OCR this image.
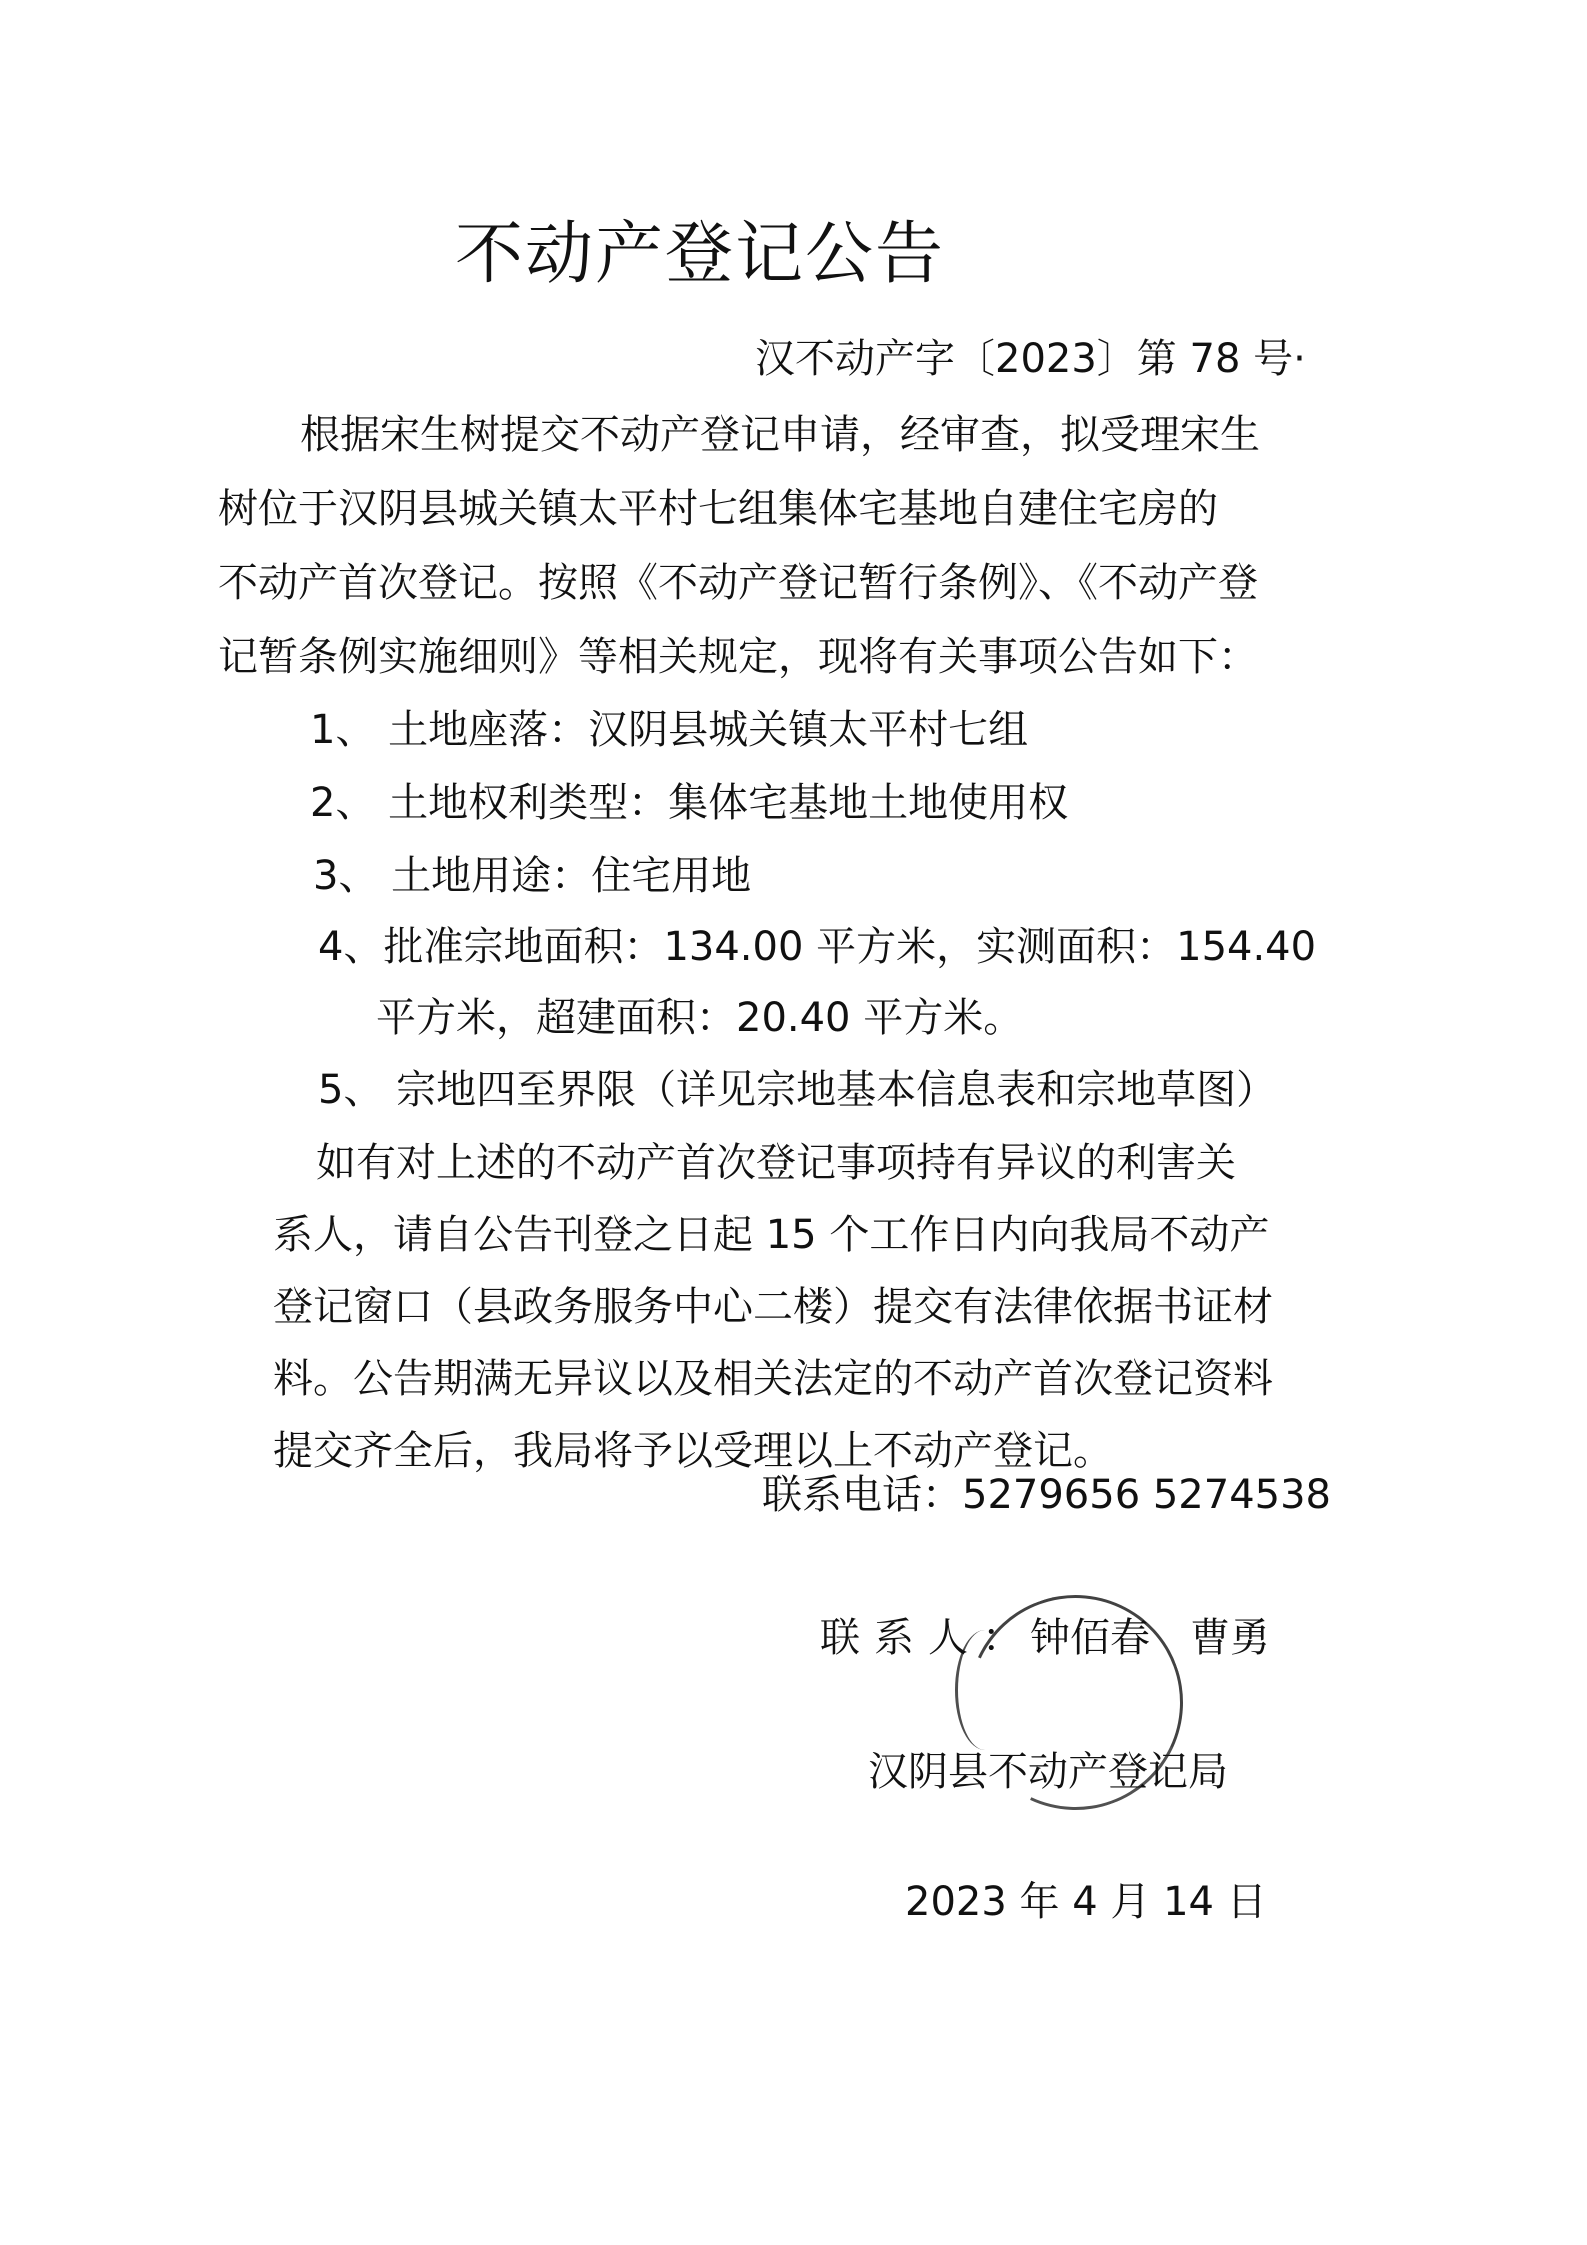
不动产登记公告
汉不动产字〔2023〕第 78 号·
根据宋生树提交不动产登记申请，经审查，拟受理宋生
树位于汉阴县城关镇太平村七组集体宅基地自建住宅房的
不动产首次登记。按照《不动产登记暂行条例》、《不动产登
记暂条例实施细则》等相关规定，现将有关事项公告如下：
1、 土地座落：汉阴县城关镇太平村七组
2、 土地权利类型：集体宅基地土地使用权
3、 土地用途：住宅用地
4、批准宗地面积：134.00 平方米，实测面积：154.40
平方米，超建面积：20.40 平方米。
5、 宗地四至界限（详见宗地基本信息表和宗地草图）
如有对上述的不动产首次登记事项持有异议的利害关
系人，请自公告刊登之日起 15 个工作日内向我局不动产
登记窗口（县政务服务中心二楼）提交有法律依据书证材
料。公告期满无异议以及相关法定的不动产首次登记资料
提交齐全后，我局将予以受理以上不动产登记。
联系电话：5279656 5274538
联系人：
钟佰春 曹勇
汉阴县不动产登记局
2023 年 4 月 14 日
